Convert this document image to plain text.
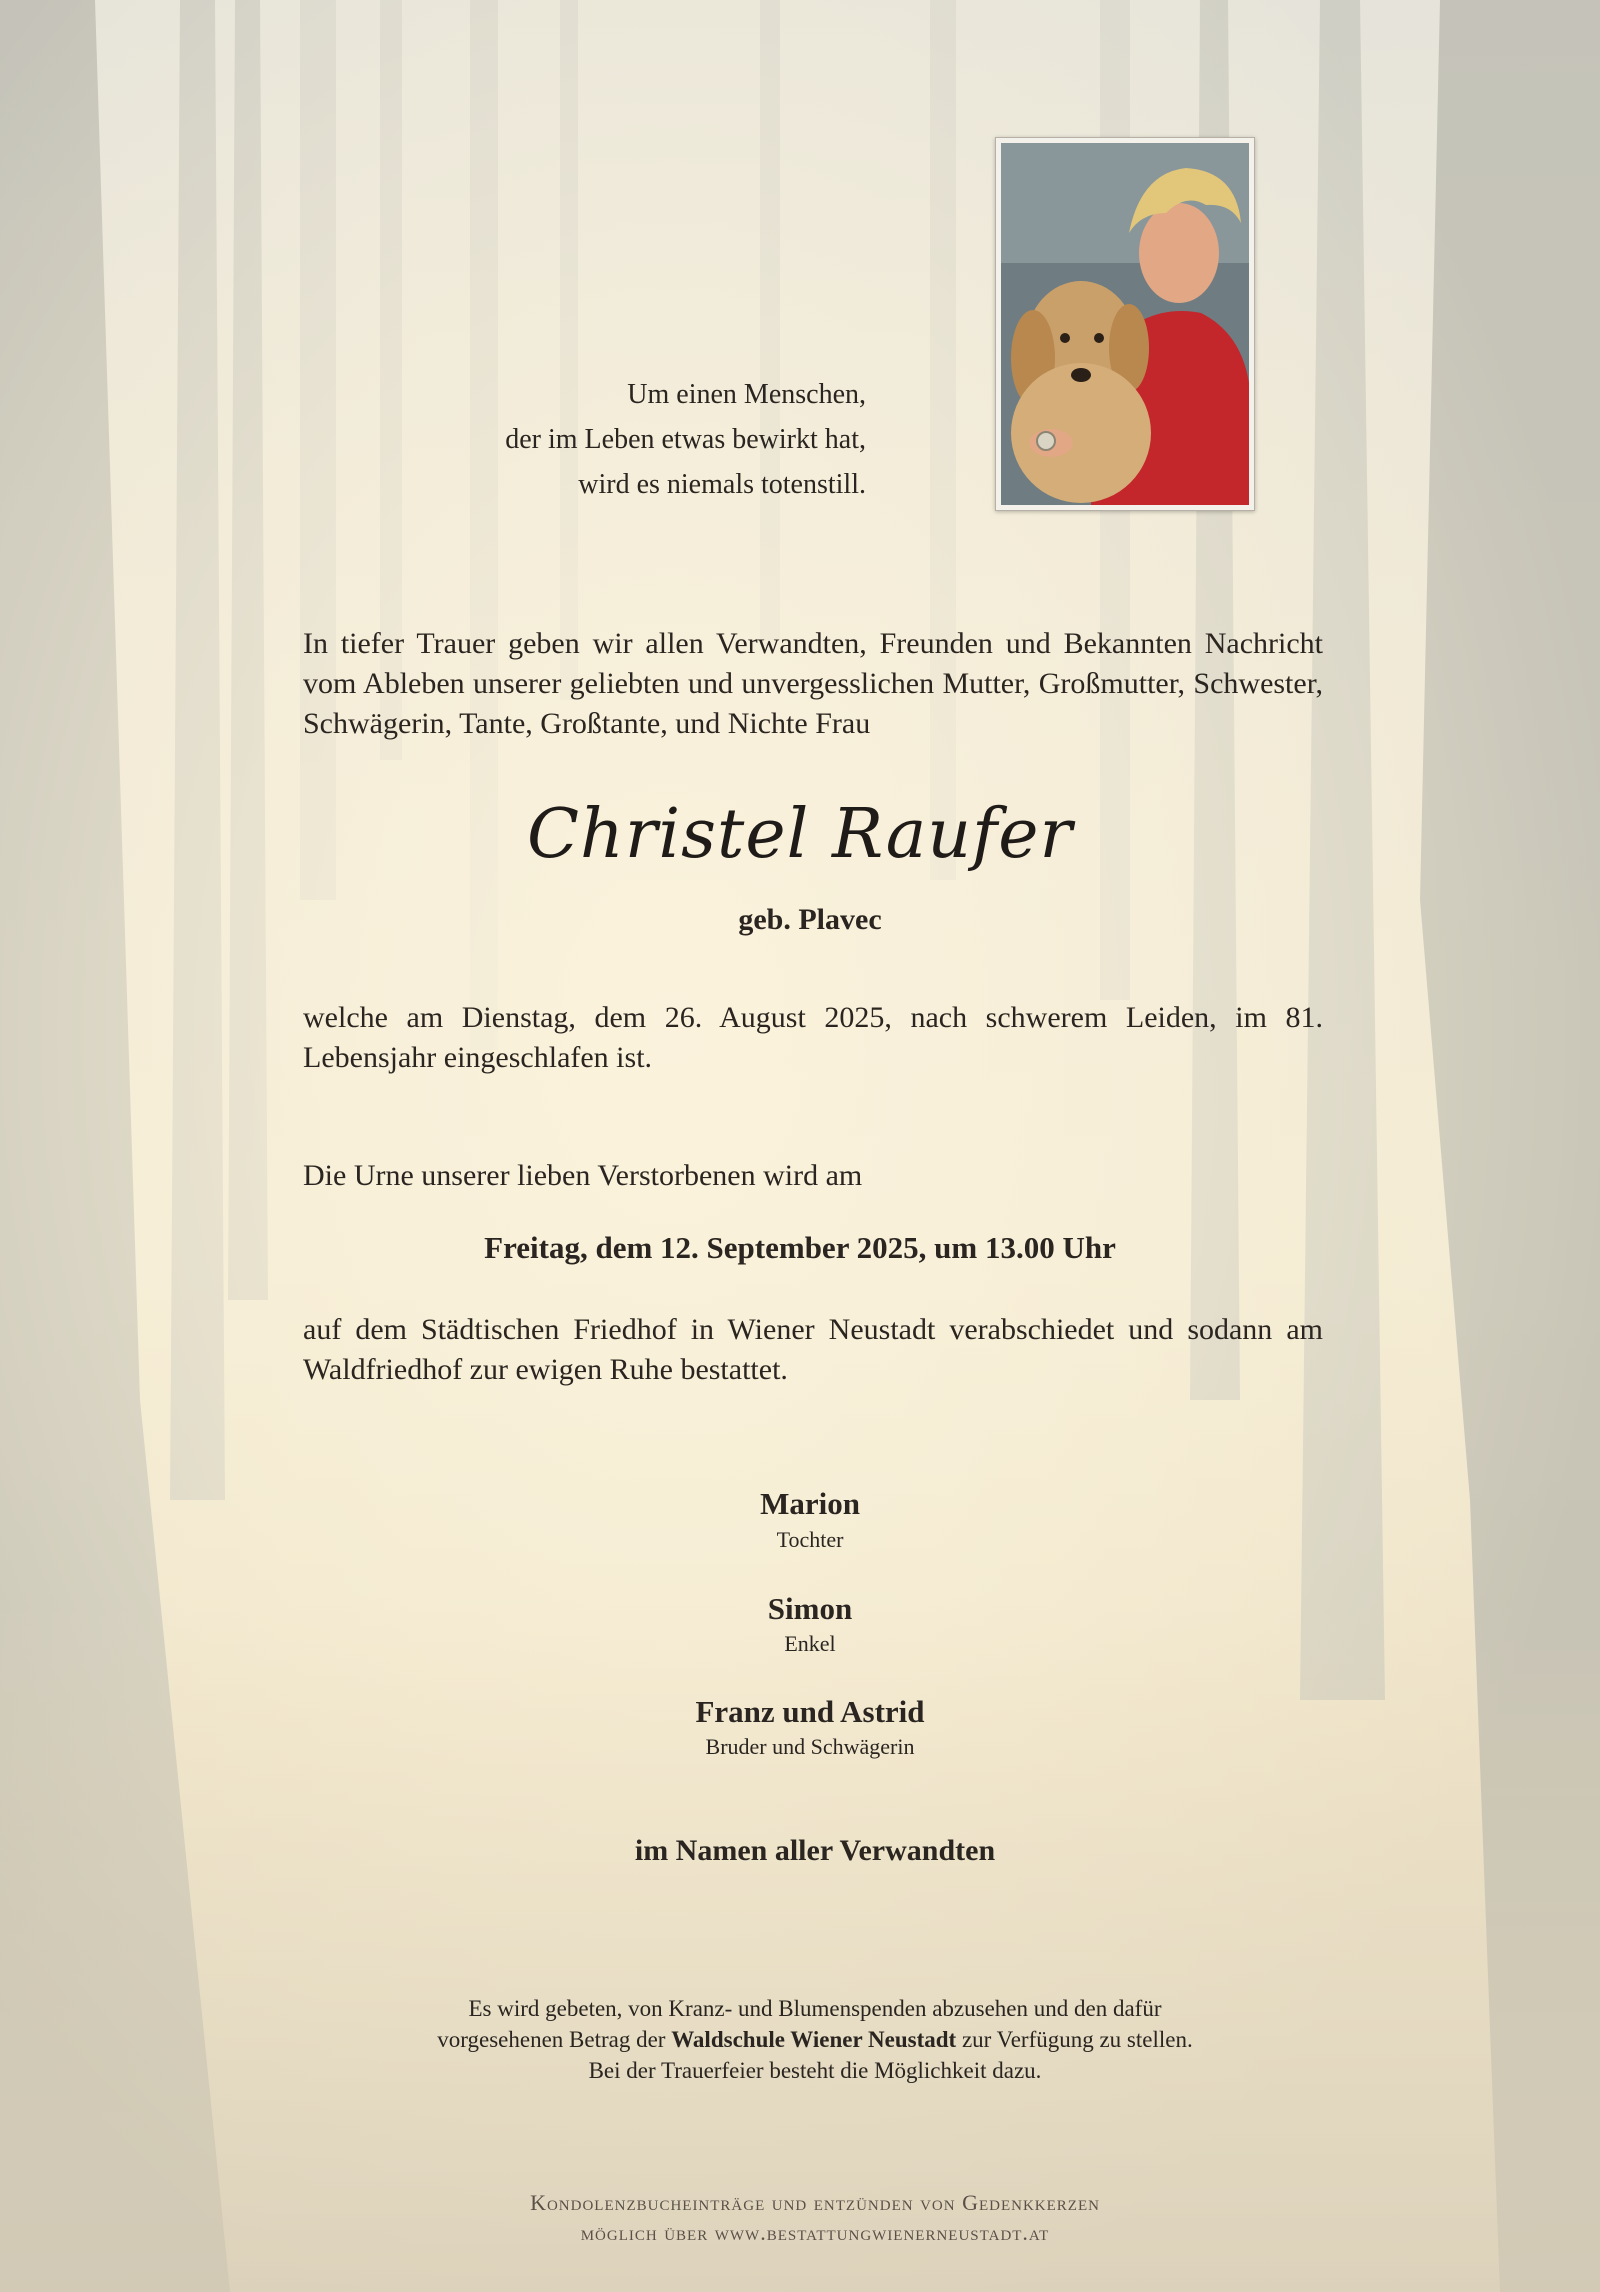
Um einen Menschen,
der im Leben etwas bewirkt hat,
wird es niemals totenstill.
In tiefer Trauer geben wir allen Verwandten, Freunden und Bekannten Nachricht vom Ableben unserer geliebten und unvergesslichen Mutter, Großmutter, Schwester, Schwägerin, Tante, Großtante, und Nichte Frau
Christel Raufer
geb. Plavec
welche am Dienstag, dem 26. August 2025, nach schwerem Leiden, im 81. Lebensjahr eingeschlafen ist.
Die Urne unserer lieben Verstorbenen wird am
Freitag, dem 12. September 2025, um 13.00 Uhr
auf dem Städtischen Friedhof in Wiener Neustadt verabschiedet und sodann am Waldfriedhof zur ewigen Ruhe bestattet.
Marion
Tochter
Simon
Enkel
Franz und Astrid
Bruder und Schwägerin
im Namen aller Verwandten
Es wird gebeten, von Kranz- und Blumenspenden abzusehen und den dafür
vorgesehenen Betrag der Waldschule Wiener Neustadt zur Verfügung zu stellen.
Bei der Trauerfeier besteht die Möglichkeit dazu.
Kondolenzbucheinträge und entzünden von Gedenkkerzen
möglich über www.bestattungwienerneustadt.at
